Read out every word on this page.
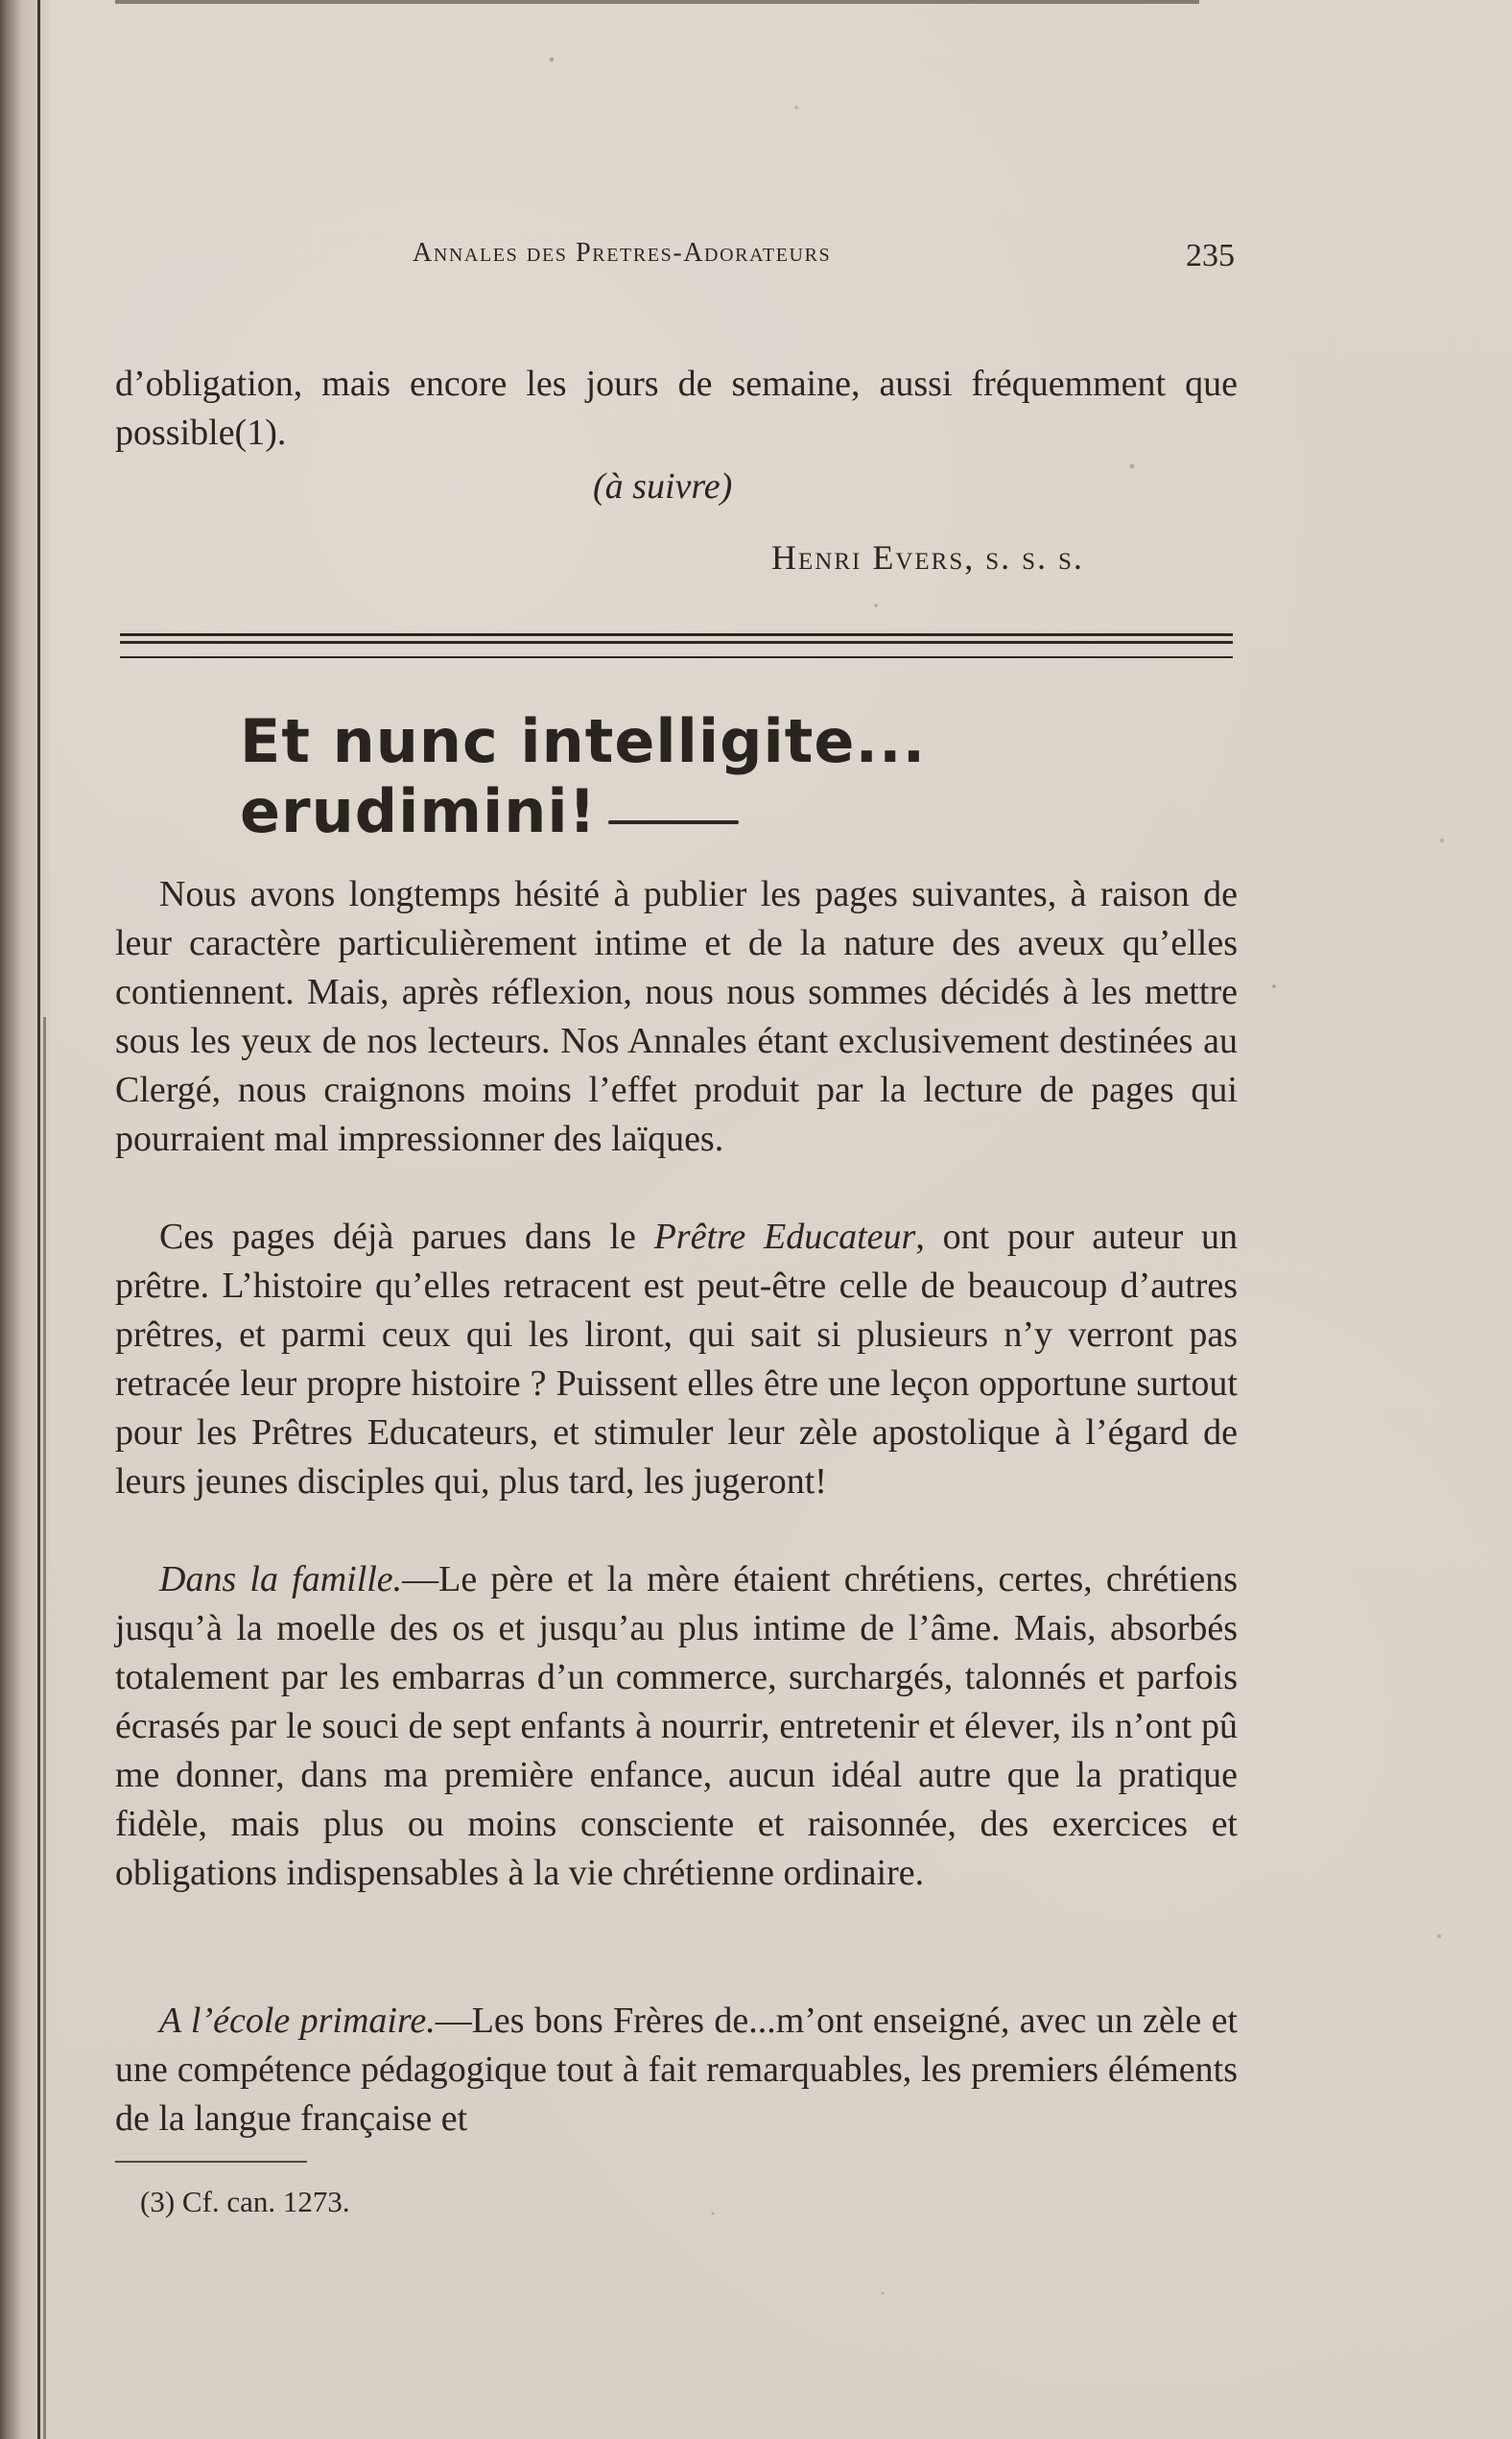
Annales des Pretres-Adorateurs	235

d’obligation, mais encore les jours de semaine, aussi fréquemment que possible(1).

(à suivre)

Henri Evers, s. s. s.

Et nunc intelligite... erudimini!

Nous avons longtemps hésité à publier les pages suivantes, à raison de leur caractère particulièrement intime et de la nature des aveux qu’elles contiennent. Mais, après réflexion, nous nous sommes décidés à les mettre sous les yeux de nos lecteurs. Nos Annales étant exclusivement destinées au Clergé, nous craignons moins l’effet produit par la lecture de pages qui pourraient mal impressionner des laïques.

Ces pages déjà parues dans le Prêtre Educateur, ont pour auteur un prêtre. L’histoire qu’elles retracent est peut-être celle de beaucoup d’autres prêtres, et parmi ceux qui les liront, qui sait si plusieurs n’y verront pas retracée leur propre histoire ? Puissent elles être une leçon opportune surtout pour les Prêtres Educateurs, et stimuler leur zèle apostolique à l’égard de leurs jeunes disciples qui, plus tard, les jugeront!

Dans la famille.—Le père et la mère étaient chrétiens, certes, chrétiens jusqu’à la moelle des os et jusqu’au plus intime de l’âme. Mais, absorbés totalement par les embarras d’un commerce, surchargés, talonnés et parfois écrasés par le souci de sept enfants à nourrir, entretenir et élever, ils n’ont pû me donner, dans ma première enfance, aucun idéal autre que la pratique fidèle, mais plus ou moins consciente et raisonnée, des exercices et obligations indispensables à la vie chrétienne ordinaire.

A l’école primaire.—Les bons Frères de...m’ont enseigné, avec un zèle et une compétence pédagogique tout à fait remarquables, les premiers éléments de la langue française et

(3) Cf. can. 1273.
